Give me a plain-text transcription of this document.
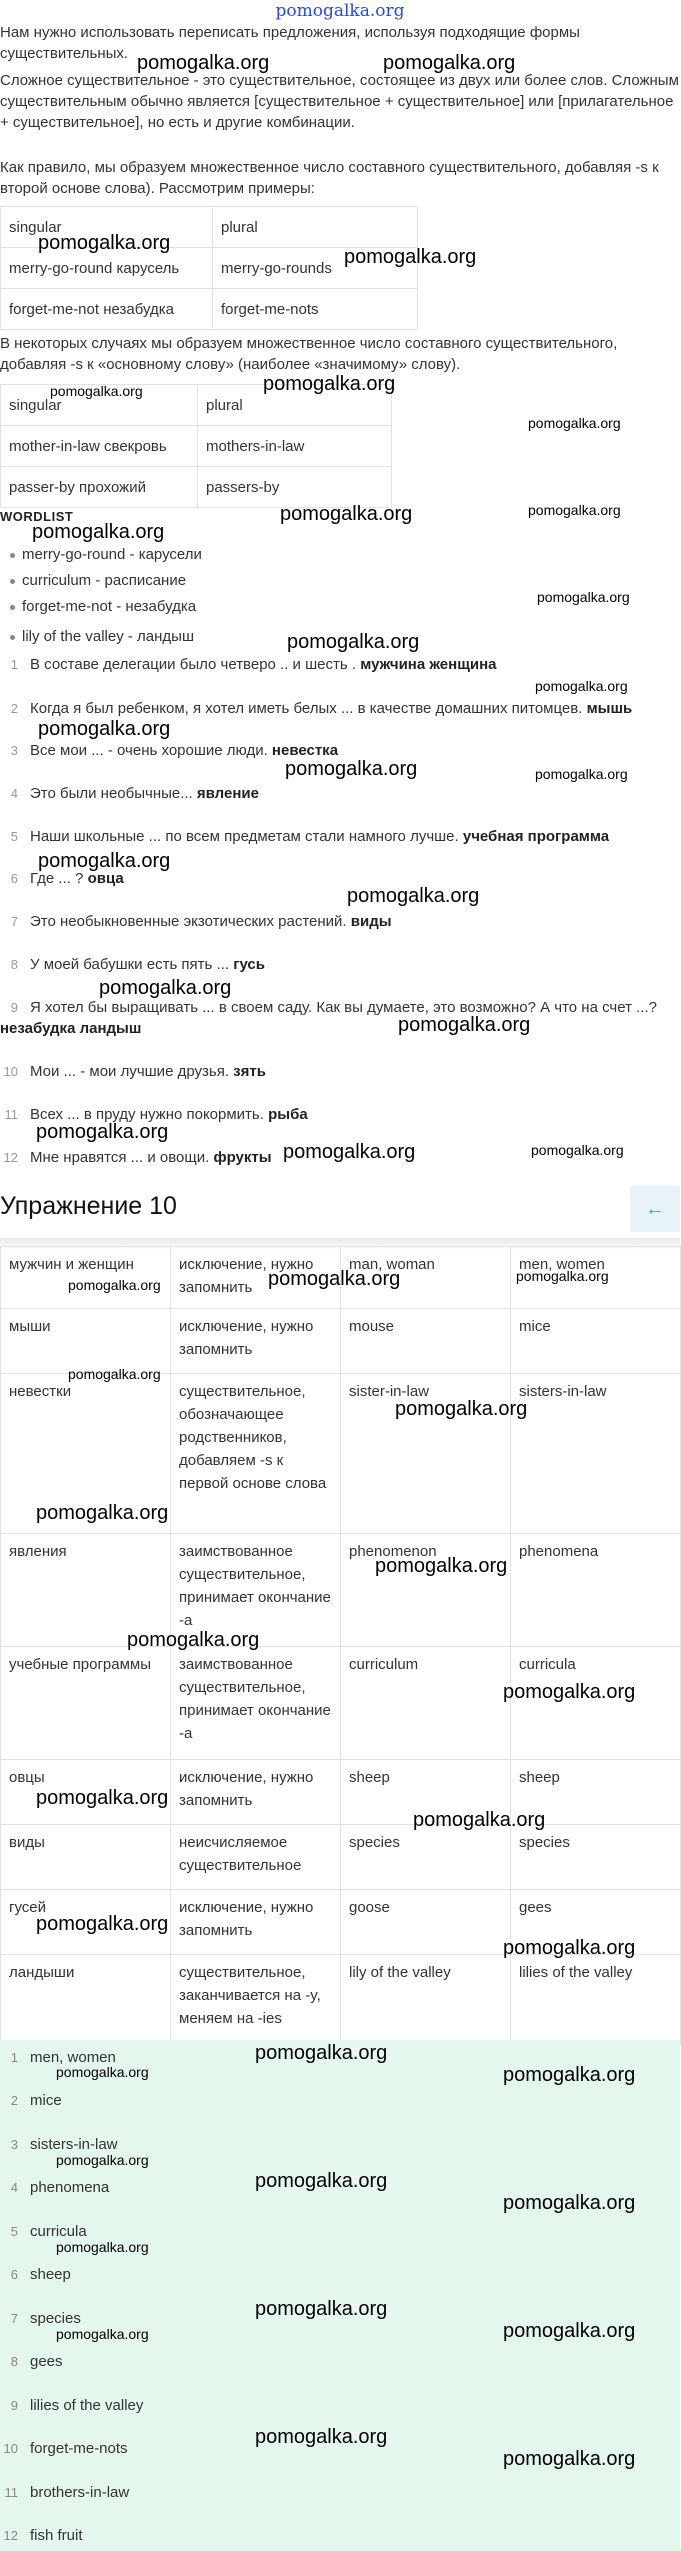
pomogalka.org

Нам нужно использовать переписать предложения, используя подходящие формы существительных.

Сложное существительное - это существительное, состоящее из двух или более слов. Сложным существительным обычно является [существительное + существительное] или [прилагательное + существительное], но есть и другие комбинации.

Как правило, мы образуем множественное число составного существительного, добавляя -s к второй основе слова). Рассмотрим примеры:

singular	plural
merry-go-round карусель	merry-go-rounds
forget-me-not незабудка	forget-me-nots

В некоторых случаях мы образуем множественное число составного существительного, добавляя -s к «основному слову» (наиболее «значимому» слову).

singular	plural
mother-in-law свекровь	mothers-in-law
passer-by прохожий	passers-by
WORDLIST
merry-go-round - карусели
curriculum - расписание
forget-me-not - незабудка
lily of the valley - ландыш
1 В составе делегации было четверо .. и шесть . мужчина женщина
2 Когда я был ребенком, я хотел иметь белых ... в качестве домашних питомцев. мышь
3 Все мои ... - очень хорошие люди. невестка
4 Это были необычные... явление
5 Наши школьные ... по всем предметам стали намного лучше. учебная программа
6 Где ... ? овца
7 Это необыкновенные экзотических растений. виды
8 У моей бабушки есть пять ... гусь
9 Я хотел бы выращивать ... в своем саду. Как вы думаете, это возможно? А что на счет ...? незабудка ландыш
10 Мои ... - мои лучшие друзья. зять
11 Всех ... в пруду нужно покормить. рыба
12 Мне нравятся ... и овощи. фрукты
Упражнение 10	←
мужчин и женщин	исключение, нужно запомнить	man, woman	men, women
мыши	исключение, нужно запомнить	mouse	mice
невестки	существительное, обозначающее родственников, добавляем -s к первой основе слова	sister-in-law	sisters-in-law
явления	заимствованное существительное, принимает окончание -a	phenomenon	phenomena
учебные программы	заимствованное существительное, принимает окончание -a	curriculum	curricula
овцы	исключение, нужно запомнить	sheep	sheep
виды	неисчисляемое существительное	species	species
гусей	исключение, нужно запомнить	goose	gees
ландыши	существительное, заканчивается на -y, меняем на -ies	lily of the valley	lilies of the valley
1 men, women
2 mice
3 sisters-in-law
4 phenomena
5 curricula
6 sheep
7 species
8 gees
9 lilies of the valley
10 forget-me-nots
11 brothers-in-law
12 fish fruit
pomogalka.org	pomogalka.org
pomogalka.org
pomogalka.org
pomogalka.org	pomogalka.org
pomogalka.org
pomogalka.org
pomogalka.org
pomogalka.org
pomogalka.org
pomogalka.org
pomogalka.org
pomogalka.org
pomogalka.org	pomogalka.org
pomogalka.org
pomogalka.org
pomogalka.org
pomogalka.org
pomogalka.org
pomogalka.org	pomogalka.org
pomogalka.org	pomogalka.org	pomogalka.org
pomogalka.org
pomogalka.org
pomogalka.org
pomogalka.org
pomogalka.org
pomogalka.org
pomogalka.org
pomogalka.org
pomogalka.org
pomogalka.org
pomogalka.org
pomogalka.org	pomogalka.org
pomogalka.org
pomogalka.org
pomogalka.org
pomogalka.org
pomogalka.org
pomogalka.org	pomogalka.org
pomogalka.org
pomogalka.org
